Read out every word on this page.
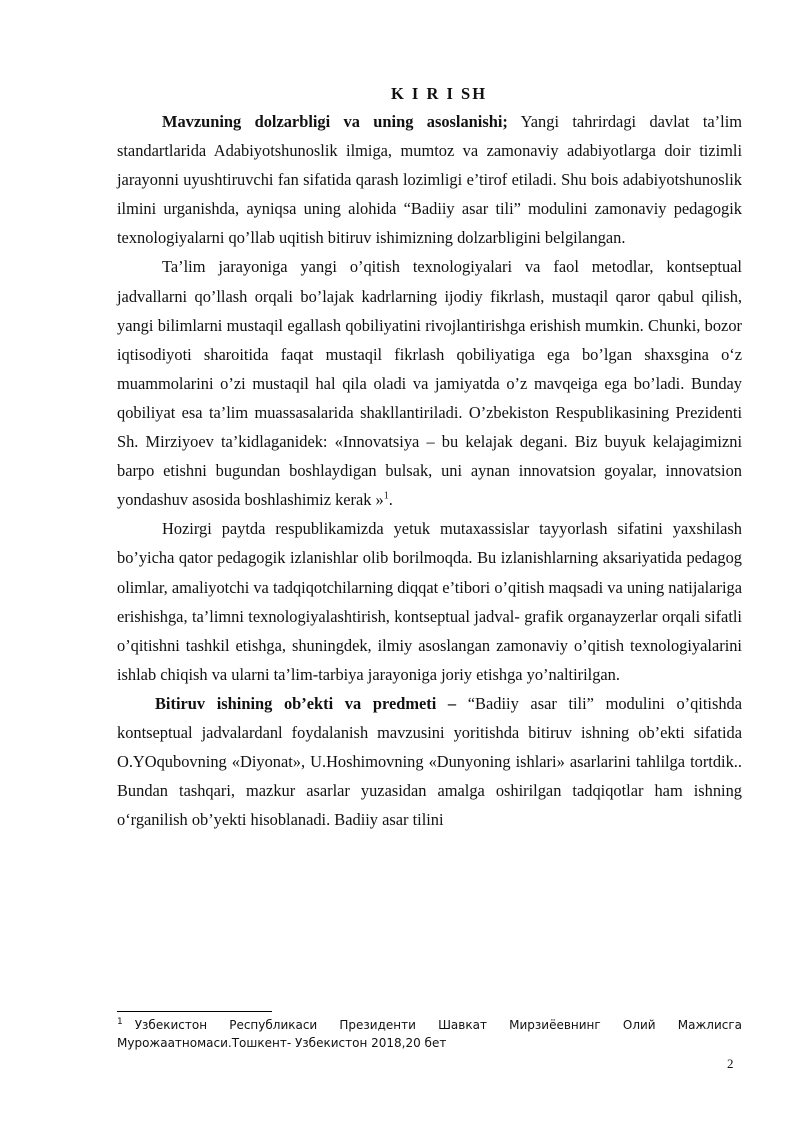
K I R I SH

Mavzuning dolzarbligi va uning asoslanishi; Yangi tahrirdagi davlat ta’lim standartlarida Adabiyotshunoslik ilmiga, mumtoz va zamonaviy adabiyotlarga doir tizimli jarayonni uyushtiruvchi fan sifatida qarash lozimligi e’tirof etiladi. Shu bois adabiyotshunoslik ilmini urganishda, ayniqsa uning alohida “Badiiy asar tili” modulini zamonaviy pedagogik texnologiyalarni qo’llab uqitish bitiruv ishimizning dolzarbligini belgilangan.

Ta’lim jarayoniga yangi o’qitish texnologiyalari va faol metodlar, kontseptual jadvallarni qo’llash orqali bo’lajak kadrlarning ijodiy fikrlash, mustaqil qaror qabul qilish, yangi bilimlarni mustaqil egallash qobiliyatini rivojlantirishga erishish mumkin. Chunki, bozor iqtisodiyoti sharoitida faqat mustaqil fikrlash qobiliyatiga ega bo’lgan shaxsgina o‘z muammolarini o’zi mustaqil hal qila oladi va jamiyatda o’z mavqeiga ega bo’ladi. Bunday qobiliyat esa ta’lim muassasalarida shakllantiriladi. O’zbekiston Respublikasining Prezidenti Sh. Mirziyoev ta’kidlaganidek: «Innovatsiya – bu kelajak degani. Biz buyuk kelajagimizni barpo etishni bugundan boshlaydigan bulsak, uni aynan innovatsion goyalar, innovatsion yondashuv asosida boshlashimiz kerak »$^1$.

Hozirgi paytda respublikamizda yetuk mutaxassislar tayyorlash sifatini yaxshilash bo’yicha qator pedagogik izlanishlar olib borilmoqda. Bu izlanishlarning aksariyatida pedagog olimlar, amaliyotchi va tadqiqotchilarning diqqat e’tibori o’qitish maqsadi va uning natijalariga erishishga, ta’limni texnologiyalashtirish, kontseptual jadval- grafik organayzerlar orqali sifatli o’qitishni tashkil etishga, shuningdek, ilmiy asoslangan zamonaviy o’qitish texnologiyalarini ishlab chiqish va ularni ta’lim-tarbiya jarayoniga joriy etishga yo’naltirilgan.

Bitiruv ishining ob’ekti va predmeti – “Badiiy asar tili” modulini o’qitishda kontseptual jadvalardanl foydalanish mavzusini yoritishda bitiruv ishning ob’ekti sifatida O.YOqubovning «Diyonat», U.Hoshimovning «Dunyoning ishlari» asarlarini tahlilga tortdik.. Bundan tashqari, mazkur asarlar yuzasidan amalga oshirilgan tadqiqotlar ham ishning o‘rganilish ob’yekti hisoblanadi. Badiiy asar tilini

$^1$ Узбекистон Республикаси Президенти Шавкат Мирзиёевнинг Олий Мажлисга Мурожаатномаси.Тошкент- Узбекистон 2018,20 бет
2
